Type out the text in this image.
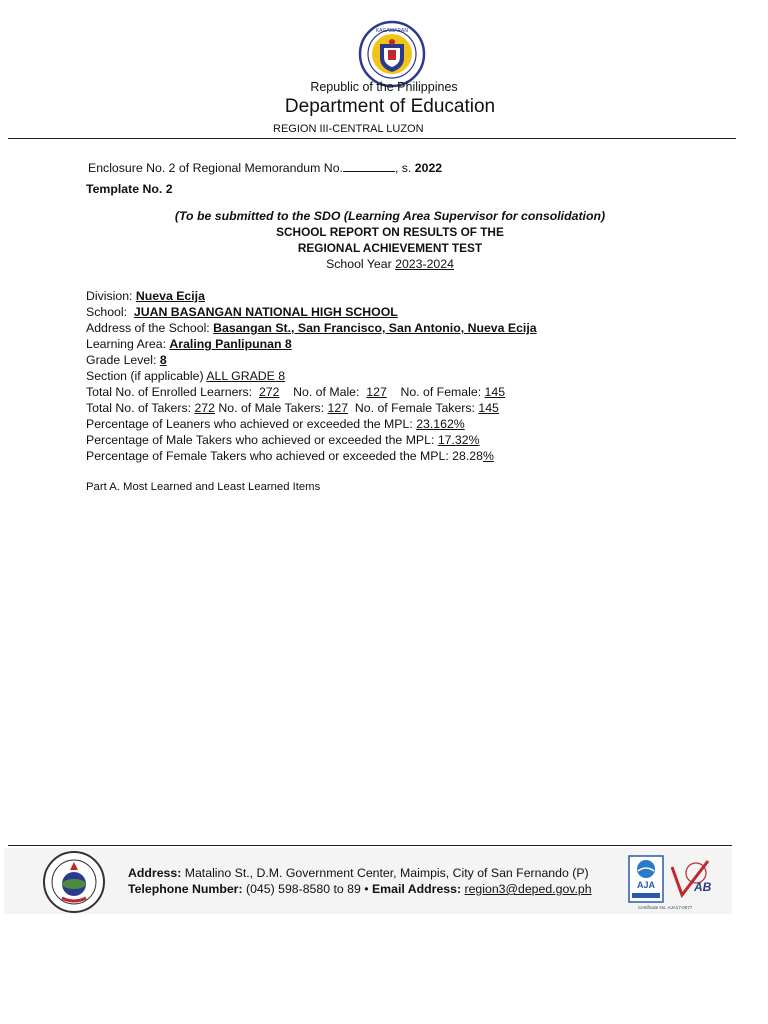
KAGAWARAN
Republic of the Philippines
Department of Education
REGION III-CENTRAL LUZON
Enclosure No. 2 of Regional Memorandum No.	, s. 2022
Template No. 2
(To be submitted to the SDO (Learning Area Supervisor for consolidation)
SCHOOL REPORT ON RESULTS OF THE
REGIONAL ACHIEVEMENT TEST
School Year 2023-2024
Division: Nueva Ecija
School:  JUAN BASANGAN NATIONAL HIGH SCHOOL
Address of the School: Basangan St., San Francisco, San Antonio, Nueva Ecija
Learning Area: Araling Panlipunan 8
Grade Level: 8
Section (if applicable) ALL GRADE 8
Total No. of Enrolled Learners:  272    No. of Male:  127    No. of Female: 145
Total No. of Takers: 272 No. of Male Takers: 127  No. of Female Takers: 145
Percentage of Leaners who achieved or exceeded the MPL: 23.162%
Percentage of Male Takers who achieved or exceeded the MPL: 17.32%
Percentage of Female Takers who achieved or exceeded the MPL: 28.28%
Part A. Most Learned and Least Learned Items
Address: Matalino St., D.M. Government Center, Maimpis, City of San Fernando (P)
Telephone Number: (045) 598-8580 to 89 • Email Address: region3@deped.gov.ph	AJA	AB
Certificate No. AJA17-0077
